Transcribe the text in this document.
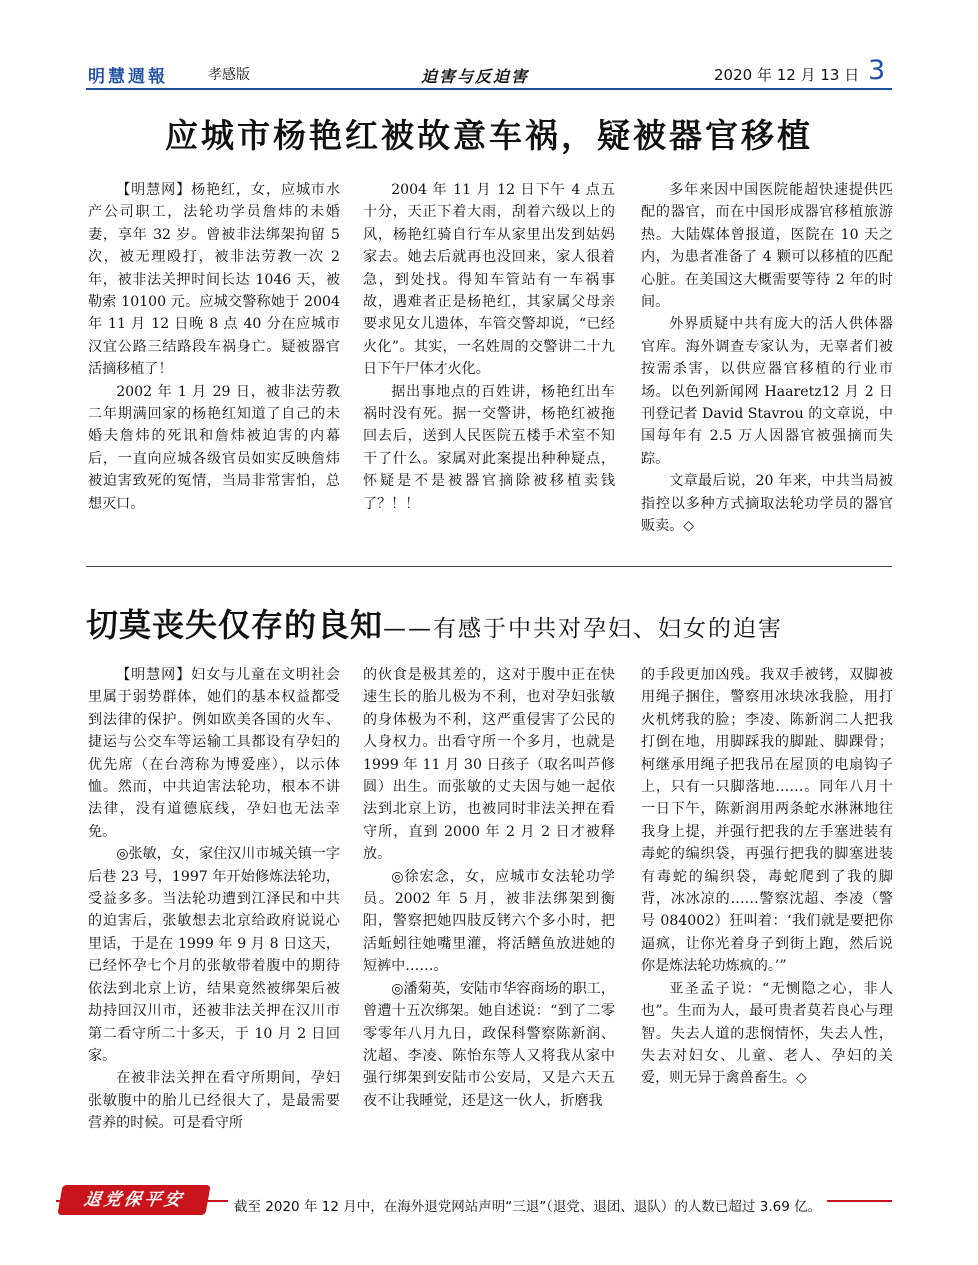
明慧週報	孝感版	迫害与反迫害	2020 年 12 月 13 日 3
应城市杨艳红被故意车祸，疑被器官移植

【明慧网】杨艳红，女，应城市水产公司职工，法轮功学员詹炜的未婚妻，享年 32 岁。曾被非法绑架拘留 5 次，被无理殴打，被非法劳教一次 2 年，被非法关押时间长达 1046 天，被勒索 10100 元。应城交警称她于 2004 年 11 月 12 日晚 8 点 40 分在应城市汉宜公路三结路段车祸身亡。疑被器官活摘移植了！

2002 年 1 月 29 日，被非法劳教二年期满回家的杨艳红知道了自己的未婚夫詹炜的死讯和詹炜被迫害的内幕后，一直向应城各级官员如实反映詹炜被迫害致死的冤情，当局非常害怕，总想灭口。

2004 年 11 月 12 日下午 4 点五十分，天正下着大雨，刮着六级以上的风，杨艳红骑自行车从家里出发到姑妈家去。她去后就再也没回来，家人很着急，到处找。得知车管站有一车祸事故，遇难者正是杨艳红，其家属父母亲要求见女儿遗体，车管交警却说，“已经火化”。其实，一名姓周的交警讲二十九日下午尸体才火化。

据出事地点的百姓讲，杨艳红出车祸时没有死。据一交警讲，杨艳红被拖回去后，送到人民医院五楼手术室不知干了什么。家属对此案提出种种疑点，怀疑是不是被器官摘除被移植卖钱了？！！

多年来因中国医院能超快速提供匹配的器官，而在中国形成器官移植旅游热。大陆媒体曾报道，医院在 10 天之内，为患者准备了 4 颗可以移植的匹配心脏。在美国这大概需要等待 2 年的时间。

外界质疑中共有庞大的活人供体器官库。海外调查专家认为，无辜者们被按需杀害，以供应器官移植的行业市场。以色列新闻网 Haaretz12 月 2 日刊登记者 David Stavrou 的文章说，中国每年有 2.5 万人因器官被强摘而失踪。

文章最后说，20 年来，中共当局被指控以多种方式摘取法轮功学员的器官贩卖。◇

切莫丧失仅存的良知——有感于中共对孕妇、妇女的迫害

【明慧网】妇女与儿童在文明社会里属于弱势群体，她们的基本权益都受到法律的保护。例如欧美各国的火车、捷运与公交车等运输工具都设有孕妇的优先席（在台湾称为博爱座），以示体恤。然而，中共迫害法轮功，根本不讲法律，没有道德底线，孕妇也无法幸免。

◎张敏，女，家住汉川市城关镇一字后巷 23 号，1997 年开始修炼法轮功，受益多多。当法轮功遭到江泽民和中共的迫害后，张敏想去北京给政府说说心里话，于是在 1999 年 9 月 8 日这天，已经怀孕七个月的张敏带着腹中的期待依法到北京上访，结果竟然被绑架后被劫持回汉川市，还被非法关押在汉川市第二看守所二十多天，于 10 月 2 日回家。

在被非法关押在看守所期间，孕妇张敏腹中的胎儿已经很大了，是最需要营养的时候。可是看守所

的伙食是极其差的，这对于腹中正在快速生长的胎儿极为不利，也对孕妇张敏的身体极为不利，这严重侵害了公民的人身权力。出看守所一个多月，也就是 1999 年 11 月 30 日孩子（取名叫芦修圆）出生。而张敏的丈夫因与她一起依法到北京上访，也被同时非法关押在看守所，直到 2000 年 2 月 2 日才被释放。

◎徐宏念，女，应城市女法轮功学员。2002 年 5 月，被非法绑架到衡阳，警察把她四肢反铐六个多小时，把活蚯蚓往她嘴里灌，将活鳝鱼放进她的短裤中……。

◎潘菊英，安陆市华容商场的职工，曾遭十五次绑架。她自述说：“到了二零零零年八月九日，政保科警察陈新润、沈超、李凌、陈怡东等人又将我从家中强行绑架到安陆市公安局，又是六天五夜不让我睡觉，还是这一伙人，折磨我

的手段更加凶残。我双手被铐，双脚被用绳子捆住，警察用冰块冰我脸，用打火机烤我的脸；李凌、陈新润二人把我打倒在地，用脚踩我的脚趾、脚踝骨；柯继承用绳子把我吊在屋顶的电扇钩子上，只有一只脚落地……。同年八月十一日下午，陈新润用两条蛇水淋淋地往我身上提，并强行把我的左手塞进装有毒蛇的编织袋，再强行把我的脚塞进装有毒蛇的编织袋，毒蛇爬到了我的脚背，冰冰凉的……警察沈超、李凌（警号 084002）狂叫着：‘我们就是要把你逼疯，让你光着身子到街上跑，然后说你是炼法轮功炼疯的。’”

亚圣孟子说：“无恻隐之心，非人也”。生而为人，最可贵者莫若良心与理智。失去人道的悲悯情怀，失去人性，失去对妇女、儿童、老人、孕妇的关爱，则无异于禽兽畜生。◇

退党保平安	截至 2020 年 12 月中，在海外退党网站声明“三退”（退党、退团、退队）的人数已超过 3.69 亿。
